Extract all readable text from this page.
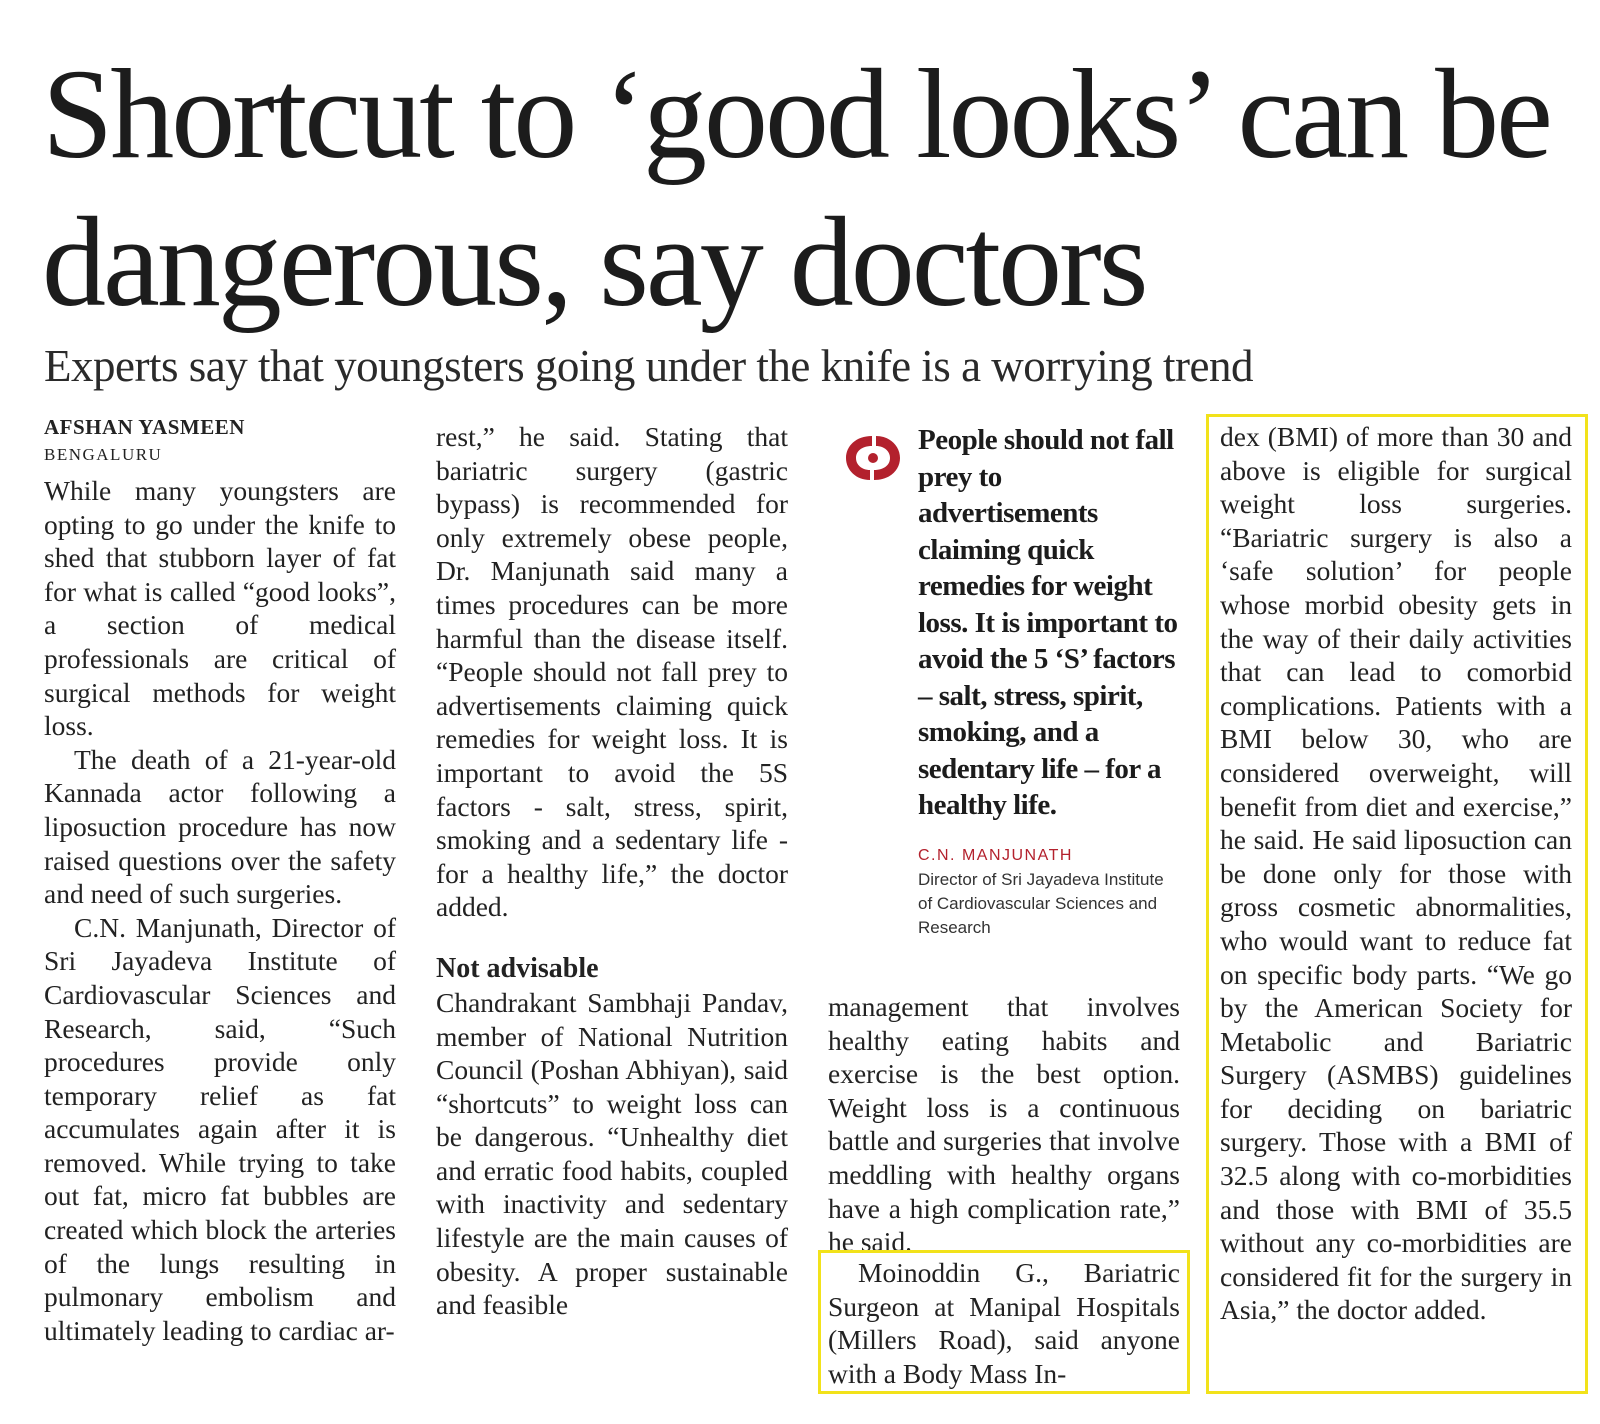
Shortcut to ‘good looks’ can be dangerous, say doctors

Experts say that youngsters going under the knife is a worrying trend

AFSHAN YASMEEN
BENGALURU

While many youngsters are opting to go under the knife to shed that stubborn layer of fat for what is called “good looks”, a section of medical professionals are critical of surgical methods for weight loss.

The death of a 21-year-old Kannada actor following a liposuction procedure has now raised questions over the safety and need of such surgeries.

C.N. Manjunath, Director of Sri Jayadeva Institute of Cardiovascular Sciences and Research, said, “Such procedures provide only temporary relief as fat accumulates again after it is removed. While trying to take out fat, micro fat bubbles are created which block the arteries of the lungs resulting in pulmonary embolism and ultimately leading to cardiac ar-

rest,” he said. Stating that bariatric surgery (gastric bypass) is recommended for only extremely obese people, Dr. Manjunath said many a times procedures can be more harmful than the disease itself. “People should not fall prey to advertisements claiming quick remedies for weight loss. It is important to avoid the 5S factors - salt, stress, spirit, smoking and a sedentary life - for a healthy life,” the doctor added.

Not advisable

Chandrakant Sambhaji Pandav, member of National Nutrition Council (Poshan Abhiyan), said “shortcuts” to weight loss can be dangerous. “Unhealthy diet and erratic food habits, coupled with inactivity and sedentary lifestyle are the main causes of obesity. A proper sustainable and feasible

People should not fall prey to advertisements claiming quick remedies for weight loss. It is important to avoid the 5 ‘S’ factors – salt, stress, spirit, smoking, and a sedentary life – for a healthy life.
C.N. MANJUNATH
Director of Sri Jayadeva Institute of Cardiovascular Sciences and Research

management that involves healthy eating habits and exercise is the best option. Weight loss is a continuous battle and surgeries that involve meddling with healthy organs have a high complication rate,” he said.

Moinoddin G., Bariatric Surgeon at Manipal Hospitals (Millers Road), said anyone with a Body Mass In-

dex (BMI) of more than 30 and above is eligible for surgical weight loss surgeries. “Bariatric surgery is also a ‘safe solution’ for people whose morbid obesity gets in the way of their daily activities that can lead to comorbid complications. Patients with a BMI below 30, who are considered overweight, will benefit from diet and exercise,” he said. He said liposuction can be done only for those with gross cosmetic abnormalities, who would want to reduce fat on specific body parts. “We go by the American Society for Metabolic and Bariatric Surgery (ASMBS) guidelines for deciding on bariatric surgery. Those with a BMI of 32.5 along with co-morbidities and those with BMI of 35.5 without any co-morbidities are considered fit for the surgery in Asia,” the doctor added.
